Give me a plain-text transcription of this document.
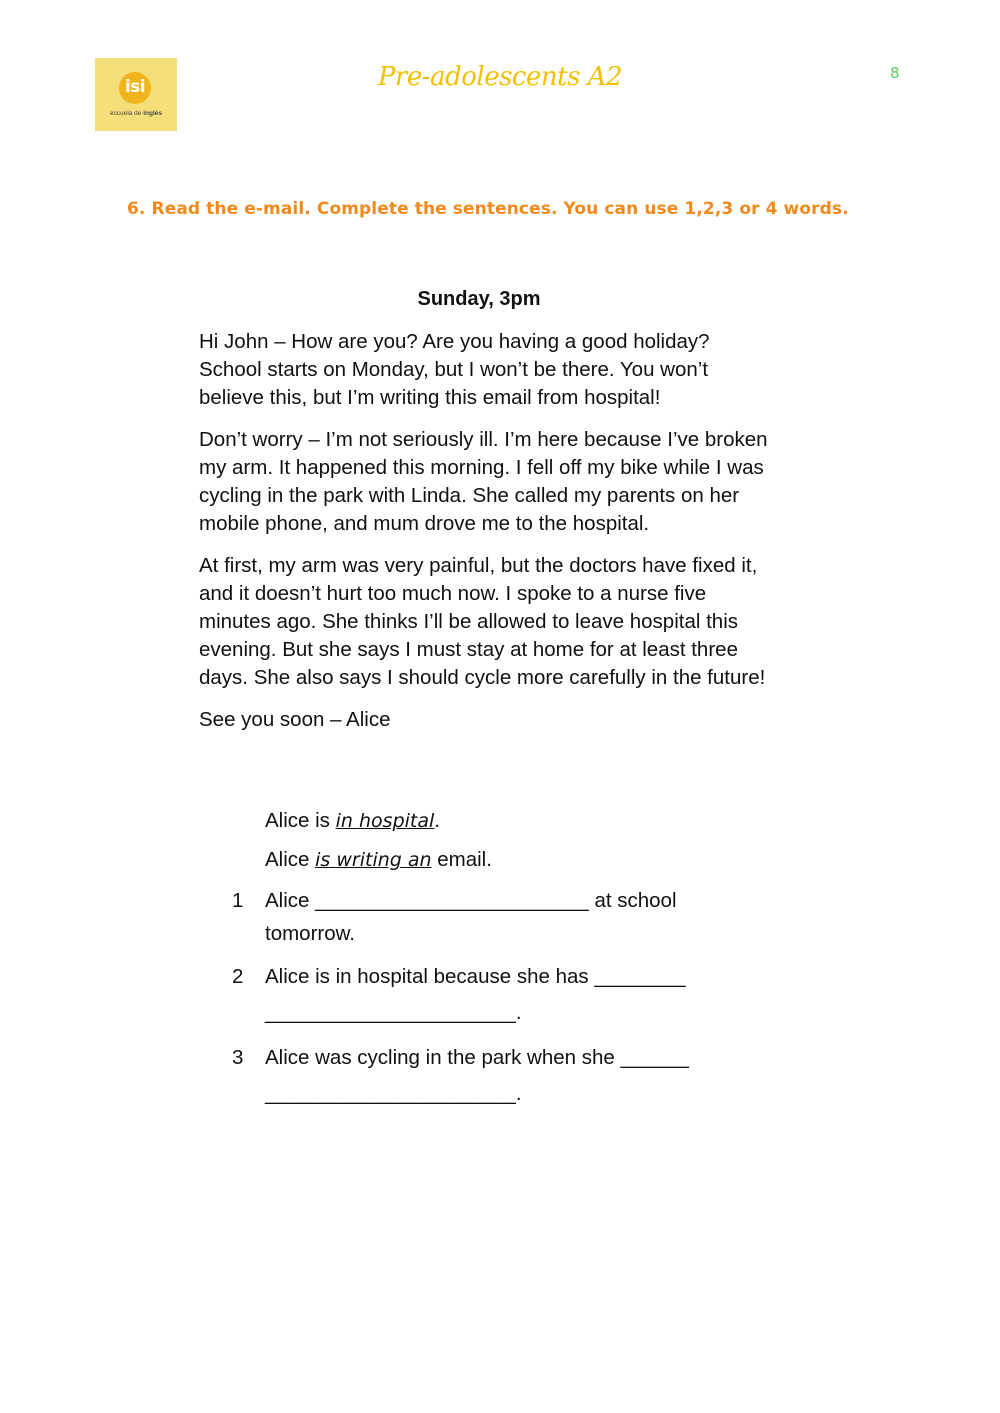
isi
escuela de inglés
Pre-adolescents A2	8
6. Read the e-mail. Complete the sentences. You can use 1,2,3 or 4 words.
Sunday, 3pm

Hi John – How are you? Are you having a good holiday? School starts on Monday, but I won’t be there. You won’t believe this, but I’m writing this email from hospital!

Don’t worry – I’m not seriously ill. I’m here because I’ve broken my arm. It happened this morning. I fell off my bike while I was cycling in the park with Linda. She called my parents on her mobile phone, and mum drove me to the hospital.

At first, my arm was very painful, but the doctors have fixed it, and it doesn’t hurt too much now. I spoke to a nurse five minutes ago. She thinks I’ll be allowed to leave hospital this evening. But she says I must stay at home for at least three days. She also says I should cycle more carefully in the future!

See you soon – Alice

Alice is in hospital.
Alice is writing an email.
1 Alice ________________________ at school
tomorrow.
2 Alice is in hospital because she has ________
______________________.
3 Alice was cycling in the park when she ______
______________________.
